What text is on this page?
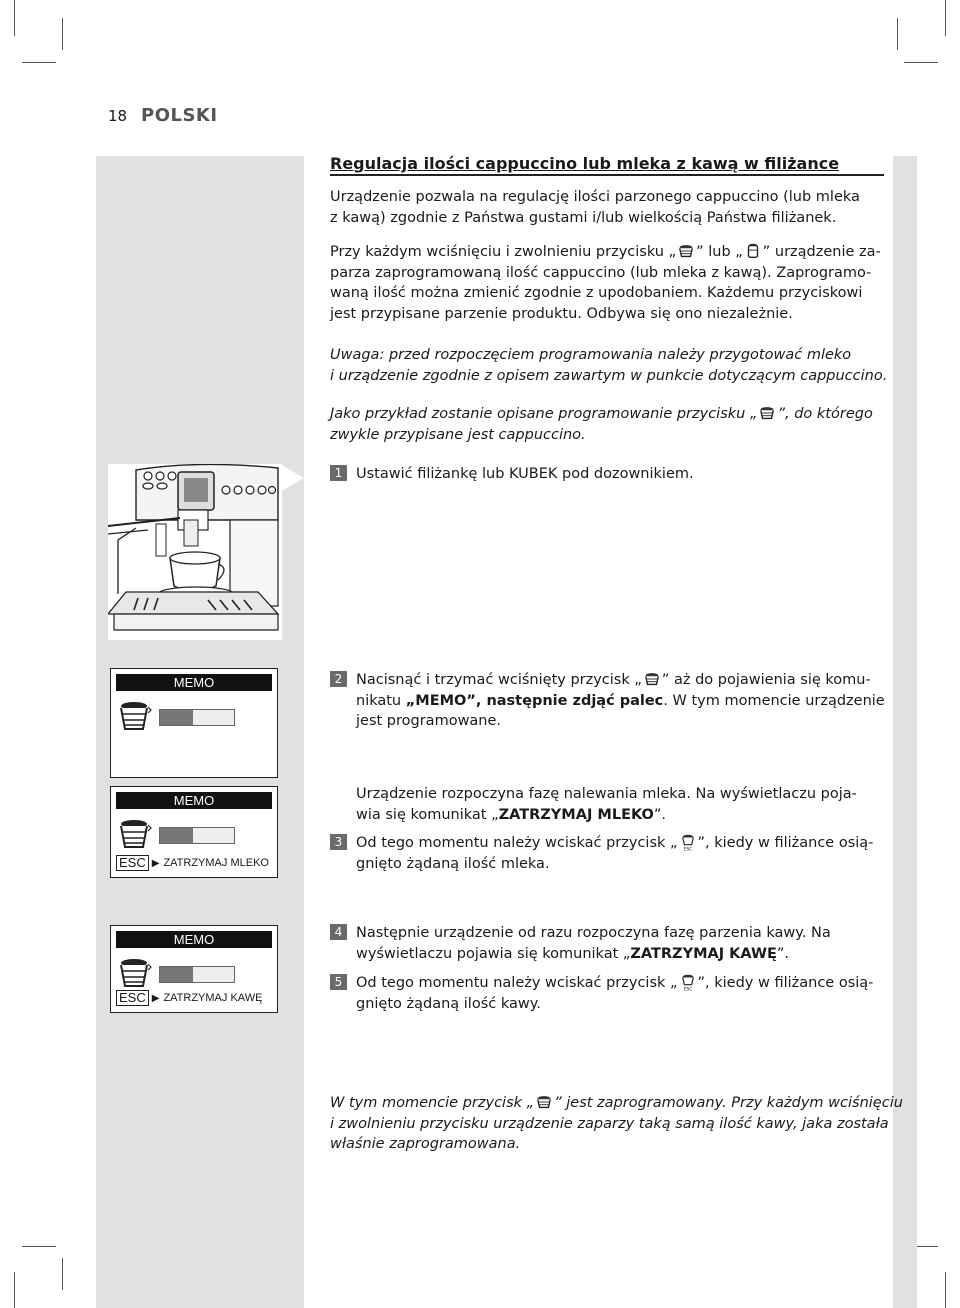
18 POLSKI
Regulacja ilości cappuccino lub mleka z kawą w filiżance
Urządzenie pozwala na regulację ilości parzonego cappuccino (lub mleka
z kawą) zgodnie z Państwa gustami i/lub wielkością Państwa filiżanek.
Przy każdym wciśnięciu i zwolnieniu przycisku „ ” lub „ ” urządzenie za-
parza zaprogramowaną ilość cappuccino (lub mleka z kawą). Zaprogramo-
waną ilość można zmienić zgodnie z upodobaniem. Każdemu przyciskowi
jest przypisane parzenie produktu. Odbywa się ono niezależnie.
Uwaga: przed rozpoczęciem programowania należy przygotować mleko
i urządzenie zgodnie z opisem zawartym w punkcie dotyczącym cappuccino.
Jako przykład zostanie opisane programowanie przycisku „ ”, do którego
zwykle przypisane jest cappuccino.
1 Ustawić filiżankę lub KUBEK pod dozownikiem.
MEMO	2 Nacisnąć i trzymać wciśnięty przycisk „ ” aż do pojawienia się komu-
nikatu „MEMO”, następnie zdjąć palec. W tym momencie urządzenie
jest programowane.
MEMO
ESC ▶ ZATRZYMAJ MLEKO
Urządzenie rozpoczyna fazę nalewania mleka. Na wyświetlaczu poja-
wia się komunikat „ZATRZYMAJ MLEKO”.
3 Od tego momentu należy wciskać przycisk „ ESC ”, kiedy w filiżance osią-
gnięto żądaną ilość mleka.
MEMO
ESC ▶ ZATRZYMAJ KAWĘ
4 Następnie urządzenie od razu rozpoczyna fazę parzenia kawy. Na
wyświetlaczu pojawia się komunikat „ZATRZYMAJ KAWĘ”.
5 Od tego momentu należy wciskać przycisk „ ESC ”, kiedy w filiżance osią-
gnięto żądaną ilość kawy.
W tym momencie przycisk „ ” jest zaprogramowany. Przy każdym wciśnięciu
i zwolnieniu przycisku urządzenie zaparzy taką samą ilość kawy, jaka została
właśnie zaprogramowana.
